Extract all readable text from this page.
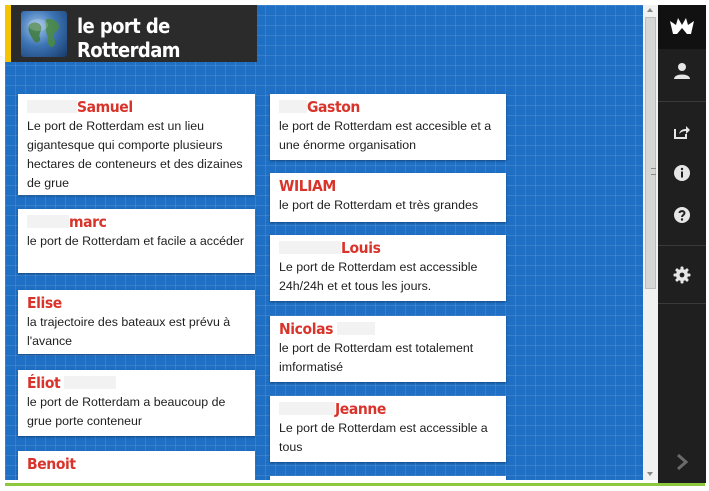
le port de Rotterdam
Samuel
Le port de Rotterdam est un lieu gigantesque qui comporte plusieurs hectares de conteneurs et des dizaines de grue
marc
le port de Rotterdam et facile a accéder
Elise
la trajectoire des bateaux est prévu à l'avance
Éliot
le port de Rotterdam a beaucoup de grue porte conteneur
Benoit
Gaston
le port de Rotterdam est accesible et a une énorme organisation
WILIAM
le port de Rotterdam et très grandes
Louis
Le port de Rotterdam est accessible 24h/24h et et tous les jours.
Nicolas
le port de Rotterdam est totalement imformatisé
Jeanne
Le port de Rotterdam est accessible a tous
